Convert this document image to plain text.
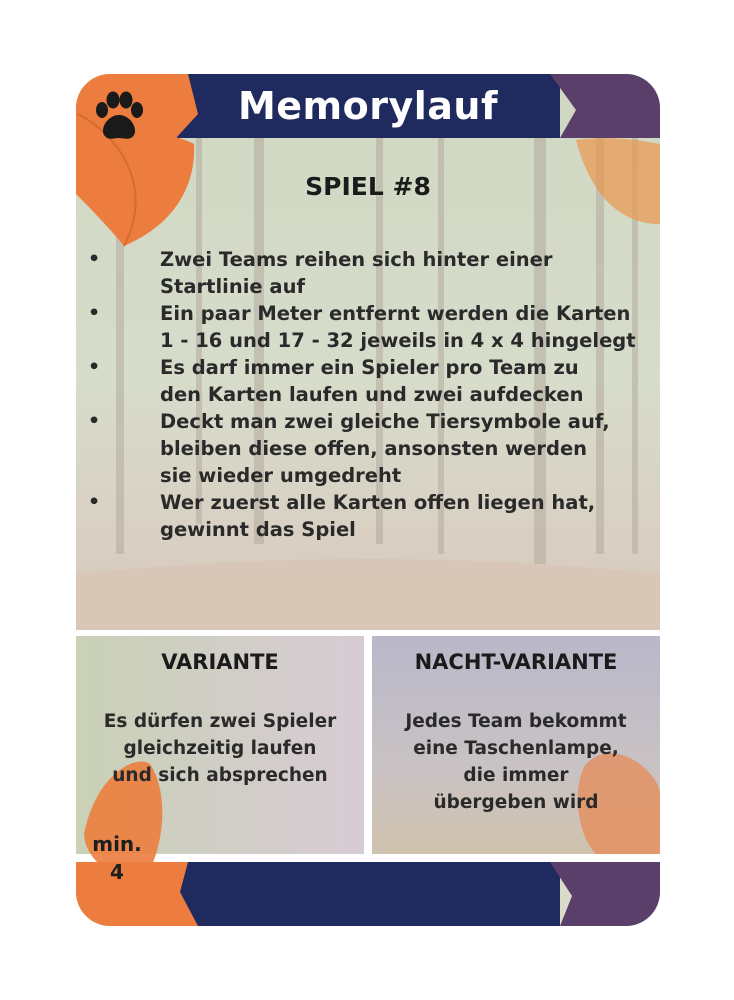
Memorylauf
SPIEL #8
•	Zwei Teams reihen sich hinter einer
Startlinie auf
•	Ein paar Meter entfernt werden die Karten
1 - 16 und 17 - 32 jeweils in 4 x 4 hingelegt
•	Es darf immer ein Spieler pro Team zu
den Karten laufen und zwei aufdecken
•	Deckt man zwei gleiche Tiersymbole auf,
bleiben diese offen, ansonsten werden
sie wieder umgedreht
•	Wer zuerst alle Karten offen liegen hat,
gewinnt das Spiel
VARIANTE
Es dürfen zwei Spieler
gleichzeitig laufen
und sich absprechen
NACHT-VARIANTE
Jedes Team bekommt
eine Taschenlampe,
die immer
übergeben wird
min.
4
